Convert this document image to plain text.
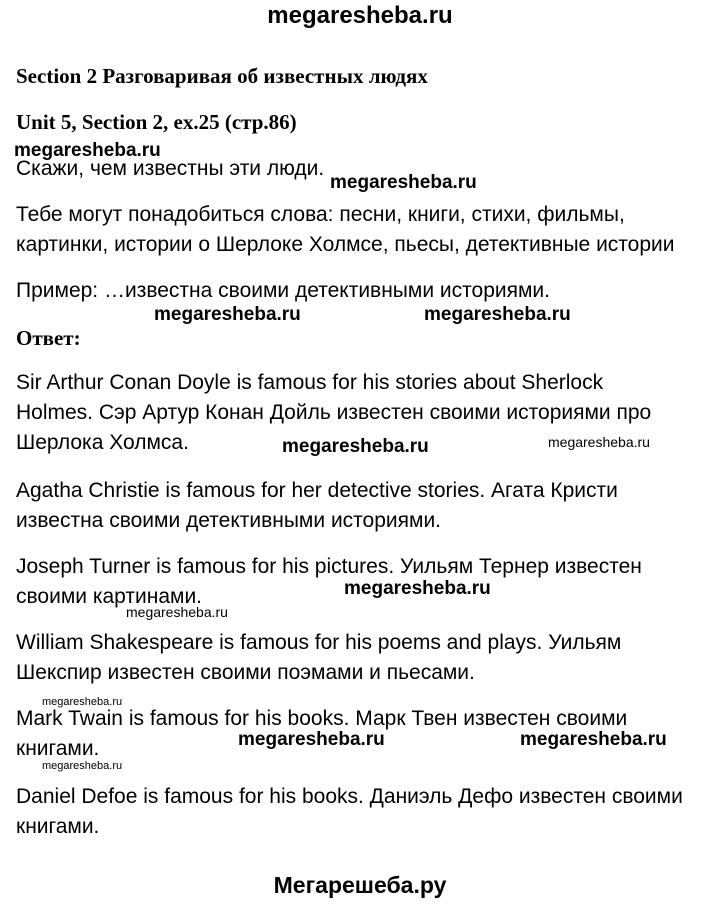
megaresheba.ru
Section 2 Разговаривая об известных людях
Unit 5, Section 2, ex.25 (стр.86)
Скажи, чем известны эти люди.
Тебе могут понадобиться слова: песни, книги, стихи, фильмы,
картинки, истории о Шерлоке Холмсе, пьесы, детективные истории
Пример: …известна своими детективными историями.
Ответ:
Sir Arthur Conan Doyle is famous for his stories about Sherlock
Holmes. Сэр Артур Конан Дойль известен своими историями про
Шерлока Холмса.
Agatha Christie is famous for her detective stories. Агата Кристи
известна своими детективными историями.
Joseph Turner is famous for his pictures. Уильям Тернер известен
своими картинами.
William Shakespeare is famous for his poems and plays. Уильям
Шекспир известен своими поэмами и пьесами.
Mark Twain is famous for his books. Марк Твен известен своими
книгами.
Daniel Defoe is famous for his books. Даниэль Дефо известен своими
книгами.
megaresheba.ru
megaresheba.ru
megaresheba.ru	megaresheba.ru
megaresheba.ru	megaresheba.ru
megaresheba.ru
megaresheba.ru
megaresheba.ru
megaresheba.ru	megaresheba.ru
megaresheba.ru
Мегарешеба.ру
